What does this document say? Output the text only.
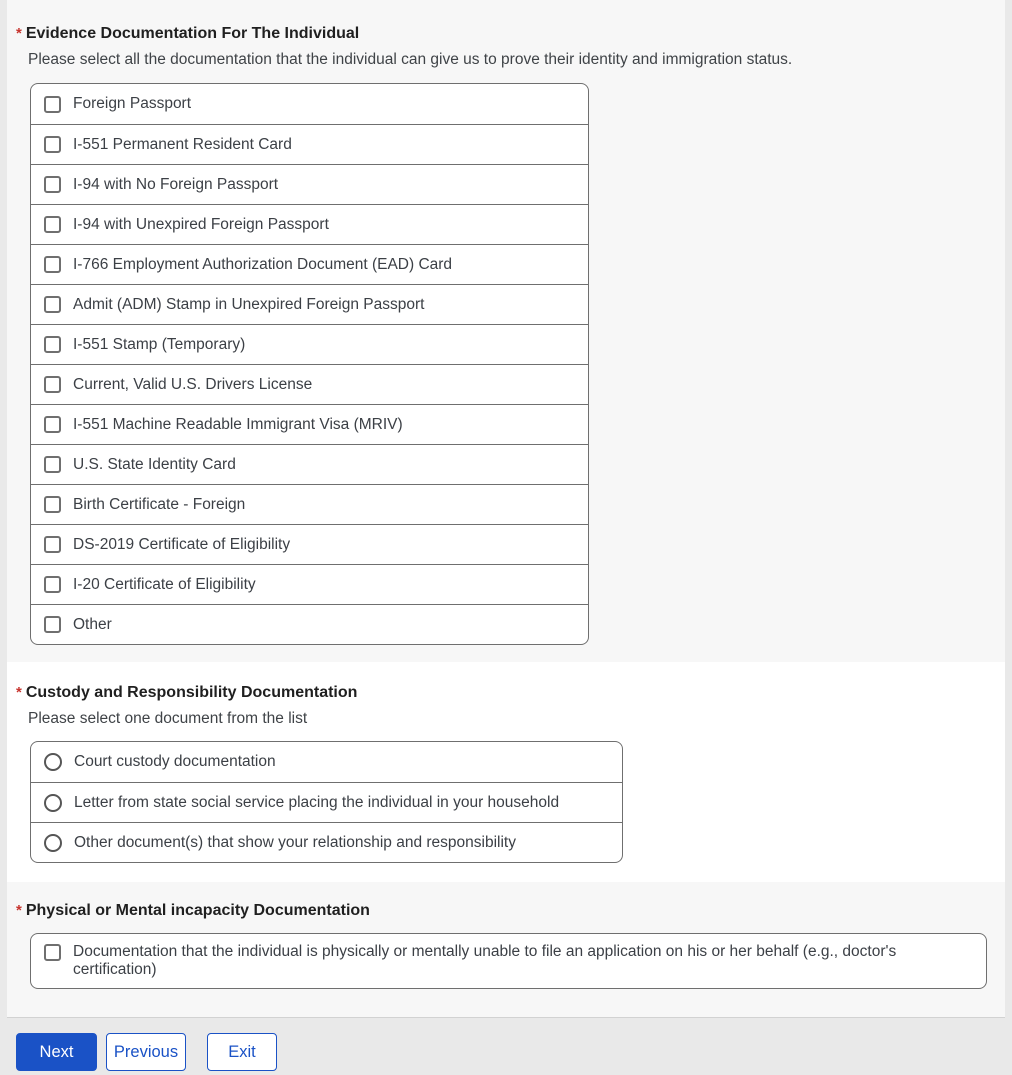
* Evidence Documentation For The Individual
Please select all the documentation that the individual can give us to prove their identity and immigration status.
Foreign Passport
I-551 Permanent Resident Card
I-94 with No Foreign Passport
I-94 with Unexpired Foreign Passport
I-766 Employment Authorization Document (EAD) Card
Admit (ADM) Stamp in Unexpired Foreign Passport
I-551 Stamp (Temporary)
Current, Valid U.S. Drivers License
I-551 Machine Readable Immigrant Visa (MRIV)
U.S. State Identity Card
Birth Certificate - Foreign
DS-2019 Certificate of Eligibility
I-20 Certificate of Eligibility
Other
* Custody and Responsibility Documentation
Please select one document from the list
Court custody documentation
Letter from state social service placing the individual in your household
Other document(s) that show your relationship and responsibility
* Physical or Mental incapacity Documentation
Documentation that the individual is physically or mentally unable to file an application on his or her behalf (e.g., doctor's certification)
Next	Previous	Exit
